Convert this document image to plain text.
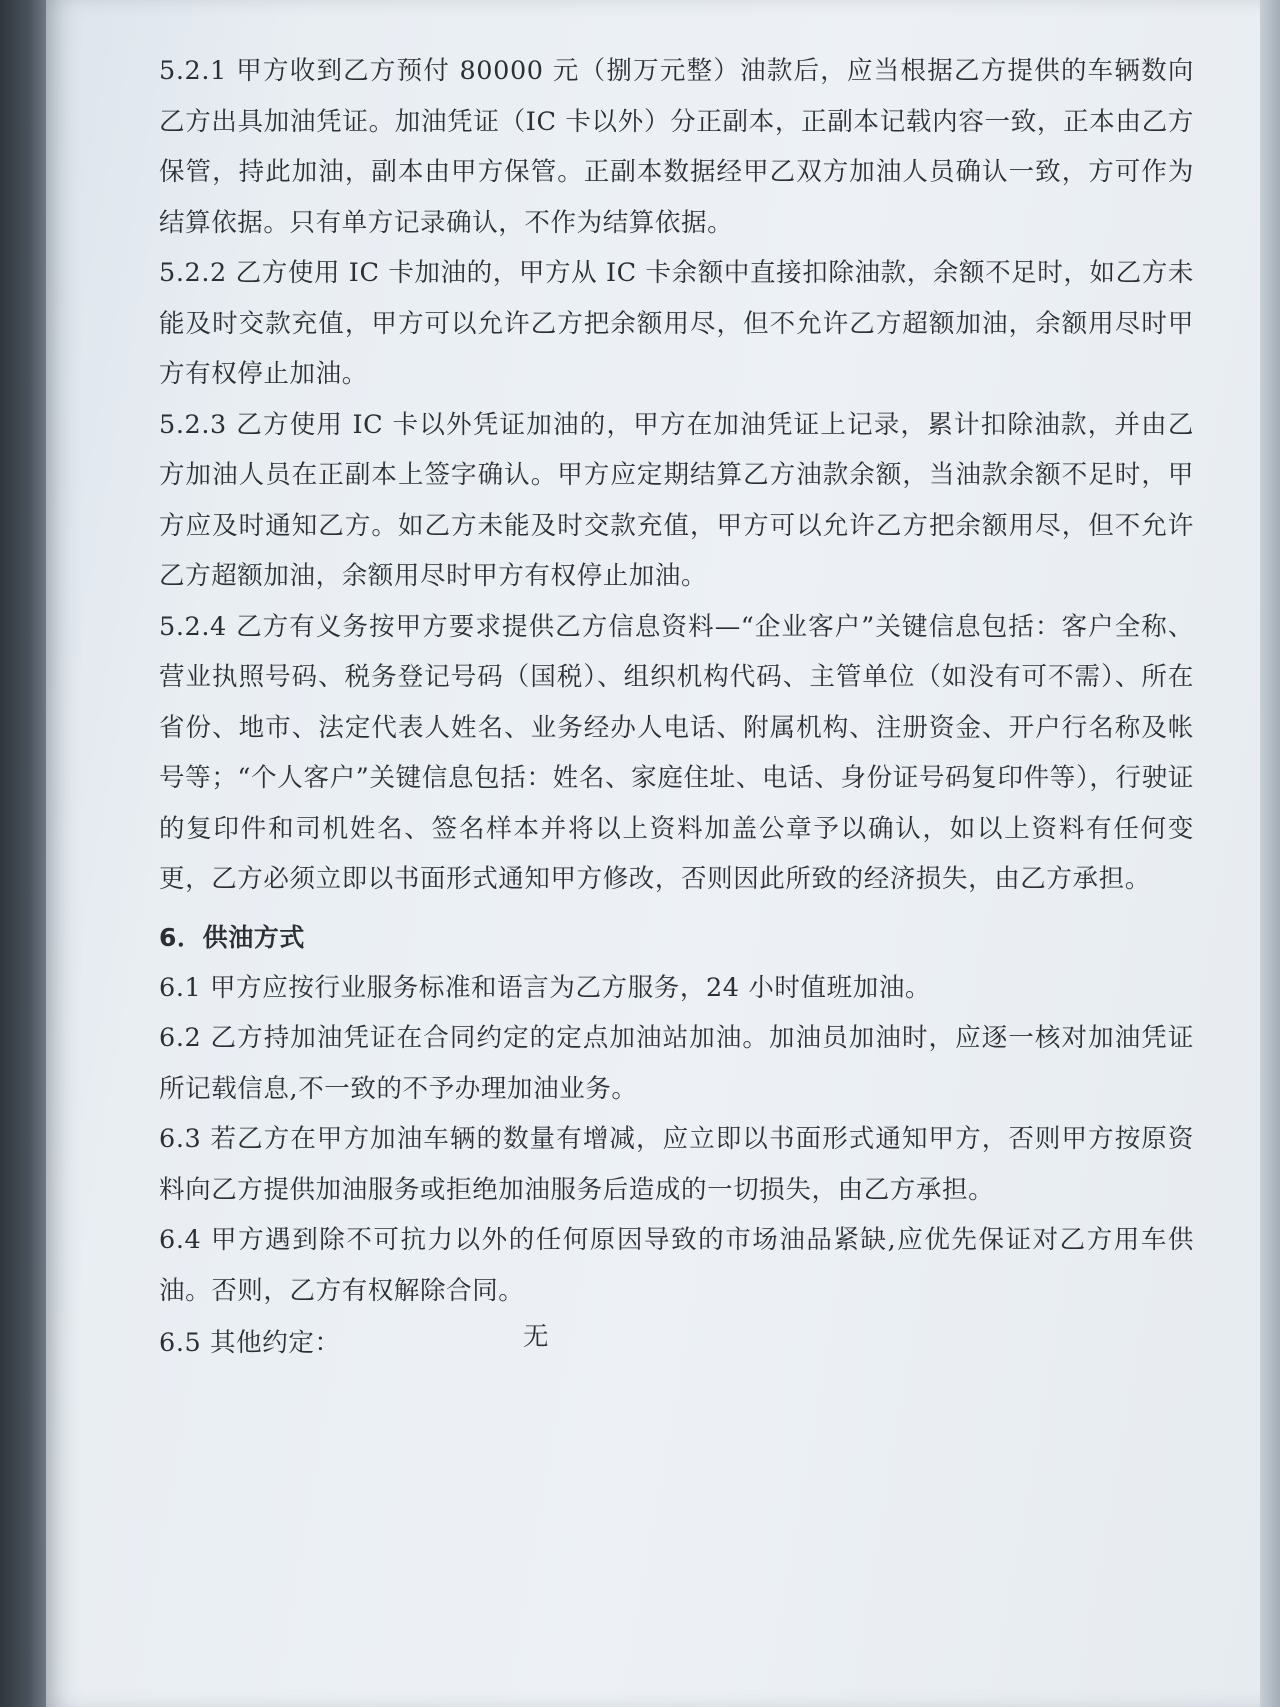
5.2.1 甲方收到乙方预付 80000 元（捌万元整）油款后，应当根据乙方提供的车辆数向乙方出具加油凭证。加油凭证（IC 卡以外）分正副本，正副本记载内容一致，正本由乙方保管，持此加油，副本由甲方保管。正副本数据经甲乙双方加油人员确认一致，方可作为结算依据。只有单方记录确认，不作为结算依据。

5.2.2 乙方使用 IC 卡加油的，甲方从 IC 卡余额中直接扣除油款，余额不足时，如乙方未能及时交款充值，甲方可以允许乙方把余额用尽，但不允许乙方超额加油，余额用尽时甲方有权停止加油。

5.2.3 乙方使用 IC 卡以外凭证加油的，甲方在加油凭证上记录，累计扣除油款，并由乙方加油人员在正副本上签字确认。甲方应定期结算乙方油款余额，当油款余额不足时，甲方应及时通知乙方。如乙方未能及时交款充值，甲方可以允许乙方把余额用尽，但不允许乙方超额加油，余额用尽时甲方有权停止加油。

5.2.4 乙方有义务按甲方要求提供乙方信息资料—“企业客户”关键信息包括：客户全称、营业执照号码、税务登记号码（国税）、组织机构代码、主管单位（如没有可不需）、所在省份、地市、法定代表人姓名、业务经办人电话、附属机构、注册资金、开户行名称及帐号等；“个人客户”关键信息包括：姓名、家庭住址、电话、身份证号码复印件等），行驶证的复印件和司机姓名、签名样本并将以上资料加盖公章予以确认，如以上资料有任何变更，乙方必须立即以书面形式通知甲方修改，否则因此所致的经济损失，由乙方承担。

6．供油方式

6.1 甲方应按行业服务标准和语言为乙方服务，24 小时值班加油。

6.2 乙方持加油凭证在合同约定的定点加油站加油。加油员加油时，应逐一核对加油凭证所记载信息,不一致的不予办理加油业务。

6.3 若乙方在甲方加油车辆的数量有增减，应立即以书面形式通知甲方，否则甲方按原资料向乙方提供加油服务或拒绝加油服务后造成的一切损失，由乙方承担。

6.4 甲方遇到除不可抗力以外的任何原因导致的市场油品紧缺,应优先保证对乙方用车供油。否则，乙方有权解除合同。

6.5 其他约定：	无
